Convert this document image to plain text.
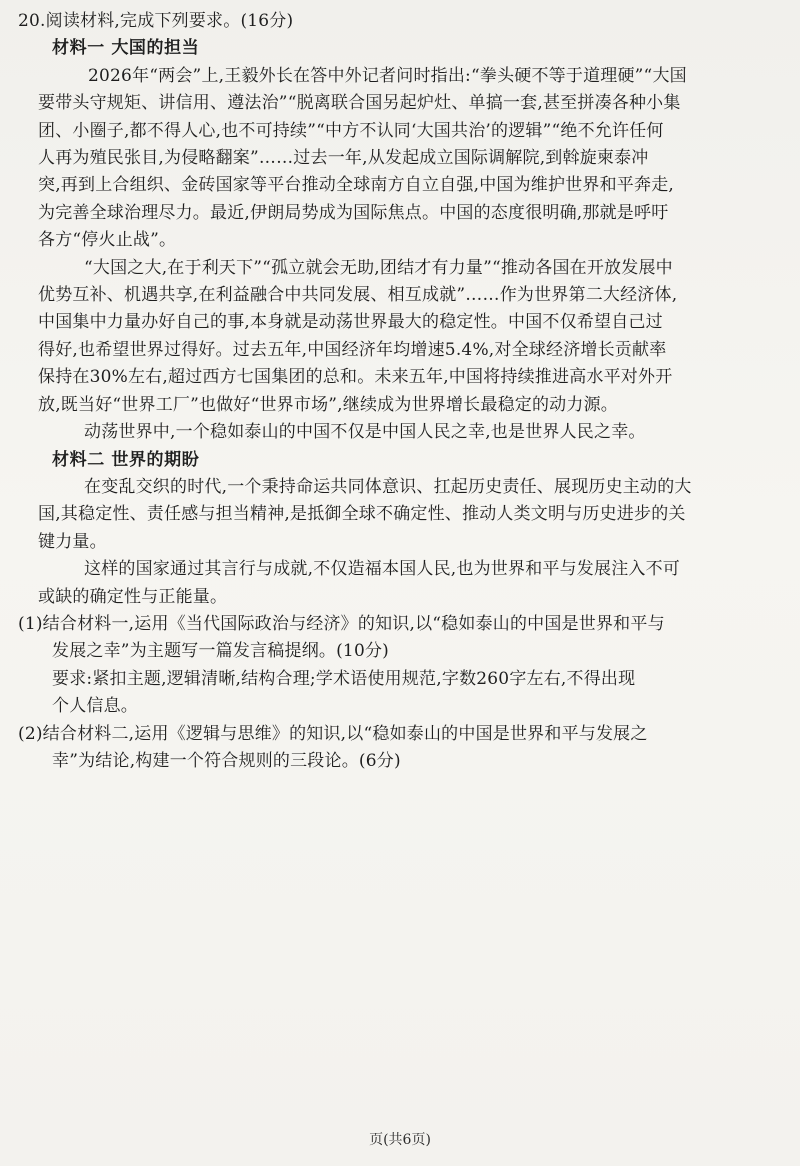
20.阅读材料,完成下列要求。(16分)
材料一 大国的担当
2026年“两会”上,王毅外长在答中外记者问时指出:“拳头硬不等于道理硬”“大国
要带头守规矩、讲信用、遵法治”“脱离联合国另起炉灶、单搞一套,甚至拼凑各种小集
团、小圈子,都不得人心,也不可持续”“中方不认同‘大国共治’的逻辑”“绝不允许任何
人再为殖民张目,为侵略翻案”……过去一年,从发起成立国际调解院,到斡旋柬泰冲
突,再到上合组织、金砖国家等平台推动全球南方自立自强,中国为维护世界和平奔走,
为完善全球治理尽力。最近,伊朗局势成为国际焦点。中国的态度很明确,那就是呼吁
各方“停火止战”。
“大国之大,在于利天下”“孤立就会无助,团结才有力量”“推动各国在开放发展中
优势互补、机遇共享,在利益融合中共同发展、相互成就”……作为世界第二大经济体,
中国集中力量办好自己的事,本身就是动荡世界最大的稳定性。中国不仅希望自己过
得好,也希望世界过得好。过去五年,中国经济年均增速5.4%,对全球经济增长贡献率
保持在30%左右,超过西方七国集团的总和。未来五年,中国将持续推进高水平对外开
放,既当好“世界工厂”也做好“世界市场”,继续成为世界增长最稳定的动力源。
动荡世界中,一个稳如泰山的中国不仅是中国人民之幸,也是世界人民之幸。
材料二 世界的期盼
在变乱交织的时代,一个秉持命运共同体意识、扛起历史责任、展现历史主动的大
国,其稳定性、责任感与担当精神,是抵御全球不确定性、推动人类文明与历史进步的关
键力量。
这样的国家通过其言行与成就,不仅造福本国人民,也为世界和平与发展注入不可
或缺的确定性与正能量。
(1)结合材料一,运用《当代国际政治与经济》的知识,以“稳如泰山的中国是世界和平与
发展之幸”为主题写一篇发言稿提纲。(10分)
要求:紧扣主题,逻辑清晰,结构合理;学术语使用规范,字数260字左右,不得出现
个人信息。
(2)结合材料二,运用《逻辑与思维》的知识,以“稳如泰山的中国是世界和平与发展之
幸”为结论,构建一个符合规则的三段论。(6分)
页(共6页)
